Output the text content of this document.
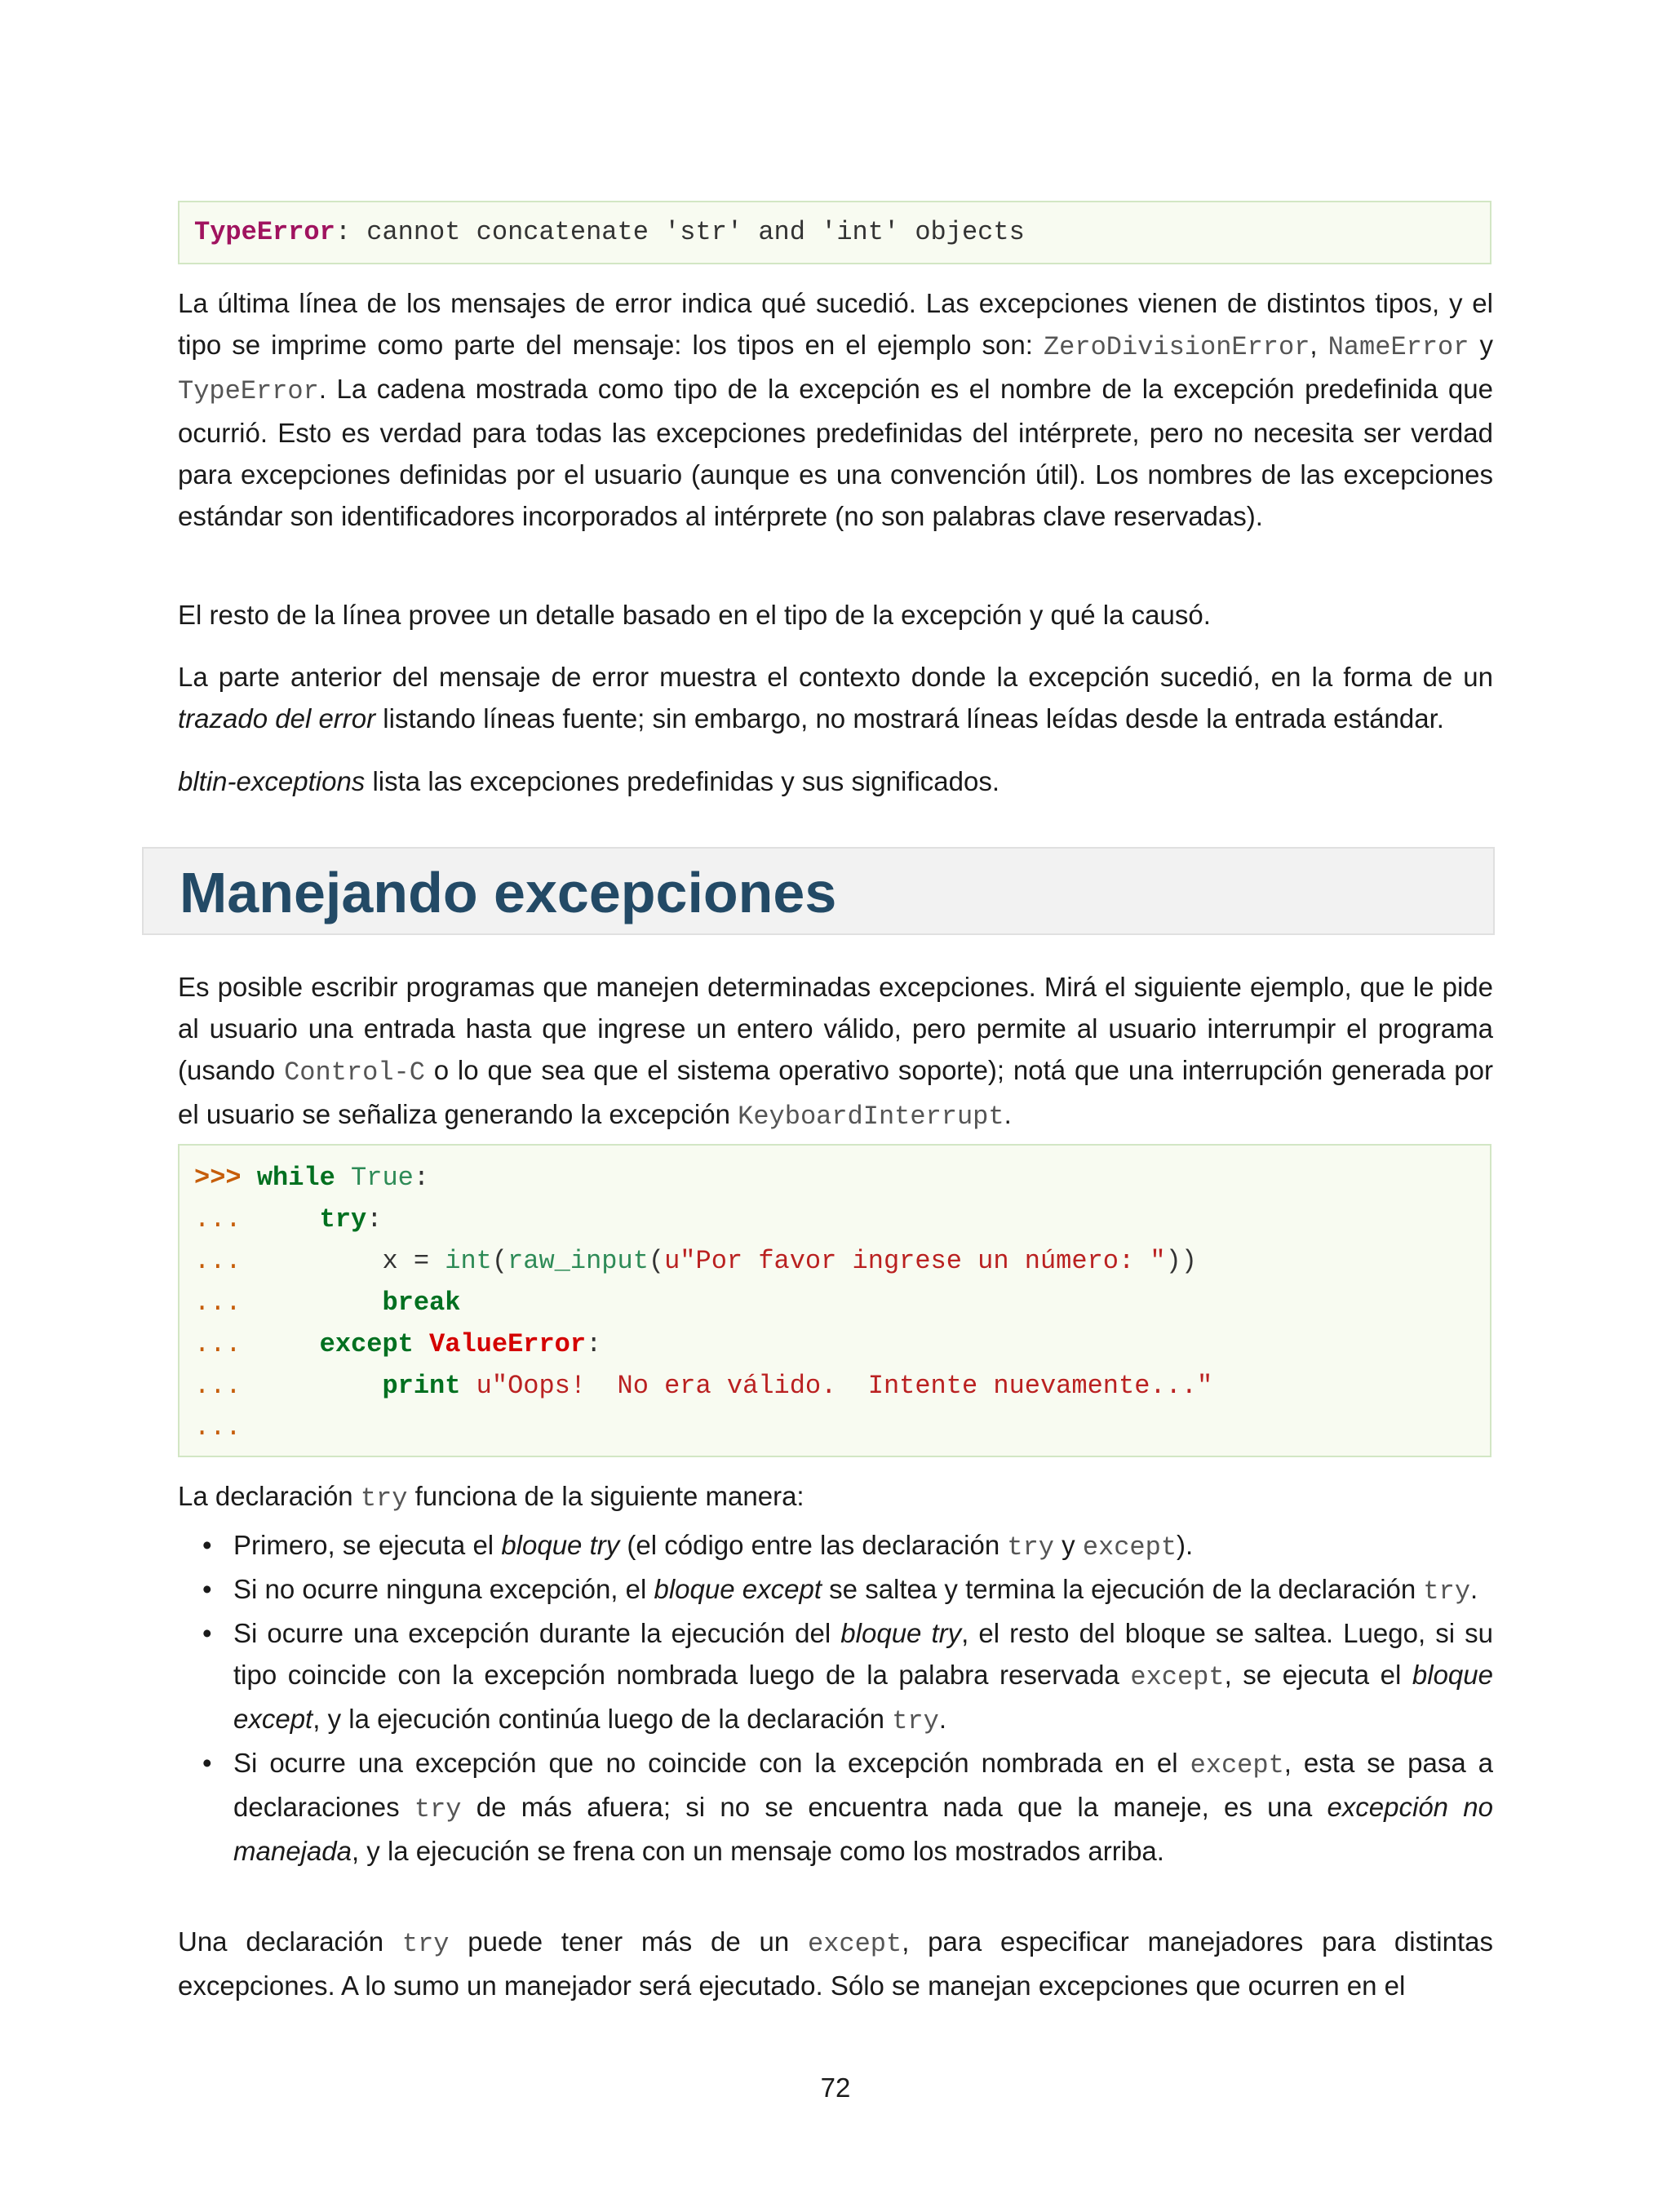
TypeError: cannot concatenate 'str' and 'int' objects

La última línea de los mensajes de error indica qué sucedió. Las excepciones vienen de distintos tipos, y el tipo se imprime como parte del mensaje: los tipos en el ejemplo son: ZeroDivisionError, NameError y TypeError. La cadena mostrada como tipo de la excepción es el nombre de la excepción predefinida que ocurrió. Esto es verdad para todas las excepciones predefinidas del intérprete, pero no necesita ser verdad para excepciones definidas por el usuario (aunque es una convención útil). Los nombres de las excepciones estándar son identificadores incorporados al intérprete (no son palabras clave reservadas).

El resto de la línea provee un detalle basado en el tipo de la excepción y qué la causó.

La parte anterior del mensaje de error muestra el contexto donde la excepción sucedió, en la forma de un trazado del error listando líneas fuente; sin embargo, no mostrará líneas leídas desde la entrada estándar.

bltin-exceptions lista las excepciones predefinidas y sus significados.

Manejando excepciones

Es posible escribir programas que manejen determinadas excepciones. Mirá el siguiente ejemplo, que le pide al usuario una entrada hasta que ingrese un entero válido, pero permite al usuario interrumpir el programa (usando Control-C o lo que sea que el sistema operativo soporte); notá que una interrupción generada por el usuario se señaliza generando la excepción KeyboardInterrupt.

>>> while True:
...	try:
...	x = int(raw_input(u"Por favor ingrese un número: "))
...	break
...	except ValueError:
...	print u"Oops!  No era válido.  Intente nuevamente..."
...

La declaración try funciona de la siguiente manera:

• Primero, se ejecuta el bloque try (el código entre las declaración try y except).
• Si no ocurre ninguna excepción, el bloque except se saltea y termina la ejecución de la declaración try.
• Si ocurre una excepción durante la ejecución del bloque try, el resto del bloque se saltea. Luego, si su tipo coincide con la excepción nombrada luego de la palabra reservada except, se ejecuta el bloque except, y la ejecución continúa luego de la declaración try.
• Si ocurre una excepción que no coincide con la excepción nombrada en el except, esta se pasa a declaraciones try de más afuera; si no se encuentra nada que la maneje, es una excepción no manejada, y la ejecución se frena con un mensaje como los mostrados arriba.

Una declaración try puede tener más de un except, para especificar manejadores para distintas excepciones. A lo sumo un manejador será ejecutado. Sólo se manejan excepciones que ocurren en el

72
